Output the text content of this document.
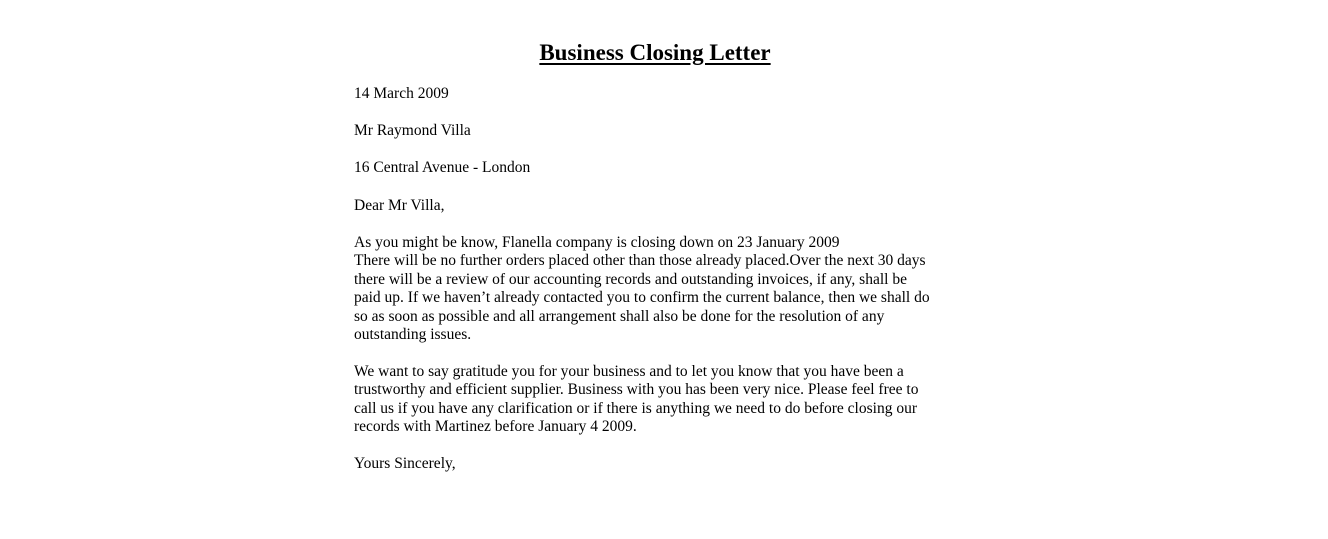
Business Closing Letter

14 March 2009

Mr Raymond Villa

16 Central Avenue - London

Dear Mr Villa,

As you might be know, Flanella company is closing down on 23 January 2009
There will be no further orders placed other than those already placed.Over the next 30 days
there will be a review of our accounting records and outstanding invoices, if any, shall be
paid up. If we haven’t already contacted you to confirm the current balance, then we shall do
so as soon as possible and all arrangement shall also be done for the resolution of any
outstanding issues.
We want to say gratitude you for your business and to let you know that you have been a
trustworthy and efficient supplier. Business with you has been very nice. Please feel free to
call us if you have any clarification or if there is anything we need to do before closing our
records with Martinez before January 4 2009.

Yours Sincerely,
